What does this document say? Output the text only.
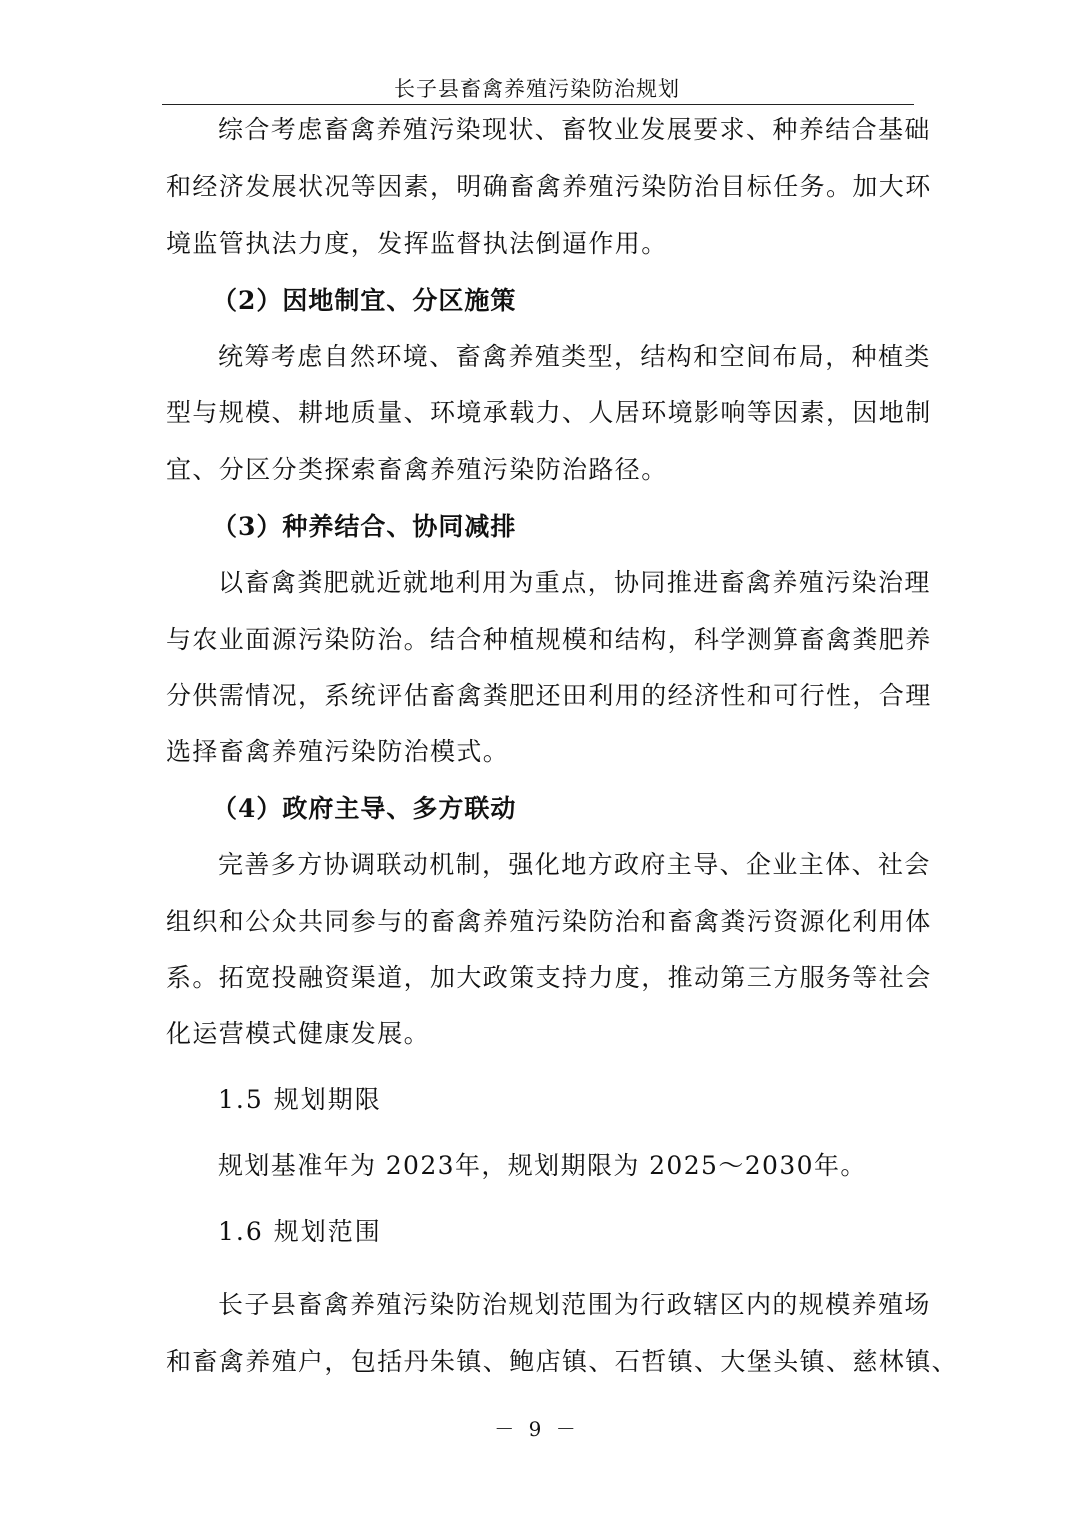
长子县畜禽养殖污染防治规划
综合考虑畜禽养殖污染现状、畜牧业发展要求、种养结合基础
和经济发展状况等因素，明确畜禽养殖污染防治目标任务。加大环
境监管执法力度，发挥监督执法倒逼作用。
（2）因地制宜、分区施策
统筹考虑自然环境、畜禽养殖类型，结构和空间布局，种植类
型与规模、耕地质量、环境承载力、人居环境影响等因素，因地制
宜、分区分类探索畜禽养殖污染防治路径。
（3）种养结合、协同减排
以畜禽粪肥就近就地利用为重点，协同推进畜禽养殖污染治理
与农业面源污染防治。结合种植规模和结构，科学测算畜禽粪肥养
分供需情况，系统评估畜禽粪肥还田利用的经济性和可行性，合理
选择畜禽养殖污染防治模式。
（4）政府主导、多方联动
完善多方协调联动机制，强化地方政府主导、企业主体、社会
组织和公众共同参与的畜禽养殖污染防治和畜禽粪污资源化利用体
系。拓宽投融资渠道，加大政策支持力度，推动第三方服务等社会
化运营模式健康发展。
1.5 规划期限
规划基准年为 2023年，规划期限为 2025～2030年。
1.6 规划范围
长子县畜禽养殖污染防治规划范围为行政辖区内的规模养殖场
和畜禽养殖户，包括丹朱镇、鲍店镇、石哲镇、大堡头镇、慈林镇、
－ 9 －
